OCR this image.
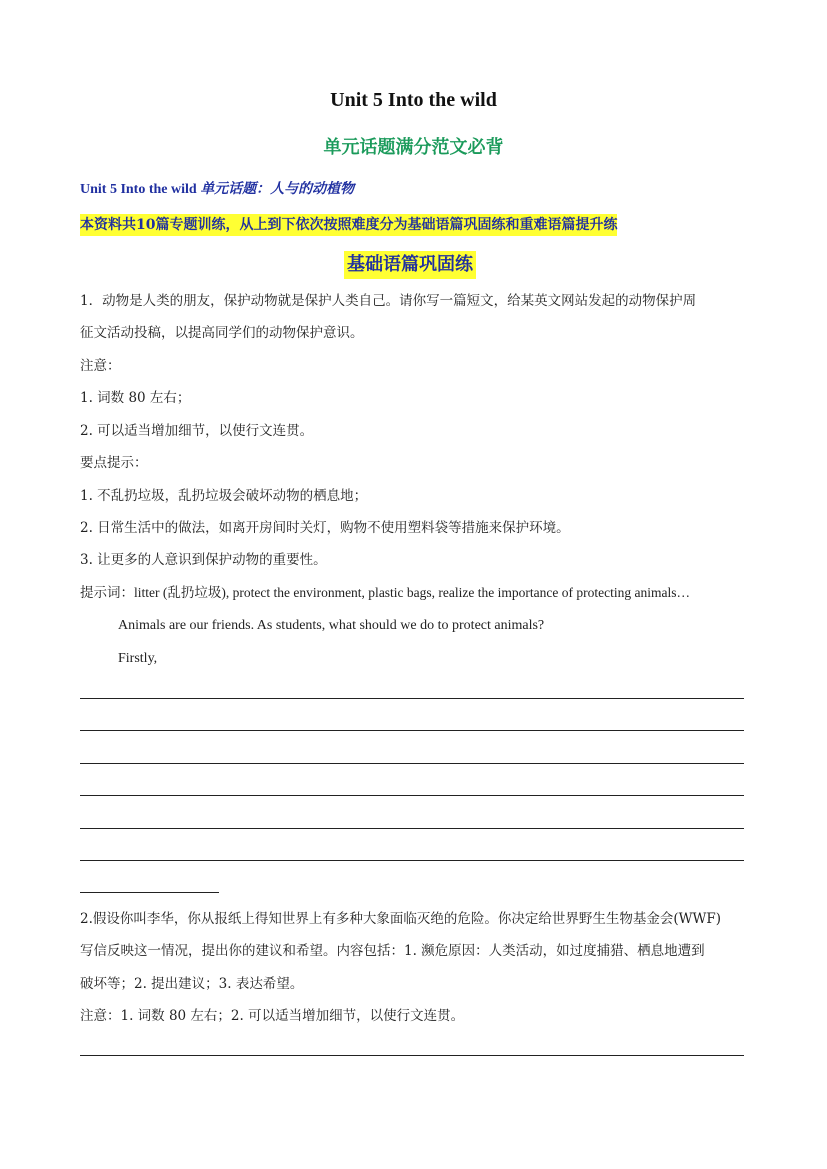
Unit 5 Into the wild
单元话题满分范文必背
Unit 5 Into the wild 单元话题：人与的动植物
本资料共10篇专题训练，从上到下依次按照难度分为基础语篇巩固练和重难语篇提升练
基础语篇巩固练
1．动物是人类的朋友，保护动物就是保护人类自己。请你写一篇短文，给某英文网站发起的动物保护周
征文活动投稿，以提高同学们的动物保护意识。
注意：
1. 词数 80 左右；
2. 可以适当增加细节，以使行文连贯。
要点提示：
1. 不乱扔垃圾，乱扔垃圾会破坏动物的栖息地；
2. 日常生活中的做法，如离开房间时关灯，购物不使用塑料袋等措施来保护环境。
3. 让更多的人意识到保护动物的重要性。
提示词：litter (乱扔垃圾), protect the environment, plastic bags, realize the importance of protecting animals…
Animals are our friends. As students, what should we do to protect animals?
Firstly,
2.假设你叫李华，你从报纸上得知世界上有多种大象面临灭绝的危险。你决定给世界野生生物基金会(WWF)
写信反映这一情况，提出你的建议和希望。内容包括：1. 濒危原因：人类活动，如过度捕猎、栖息地遭到
破坏等；2. 提出建议；3. 表达希望。
注意：1. 词数 80 左右；2. 可以适当增加细节，以使行文连贯。
